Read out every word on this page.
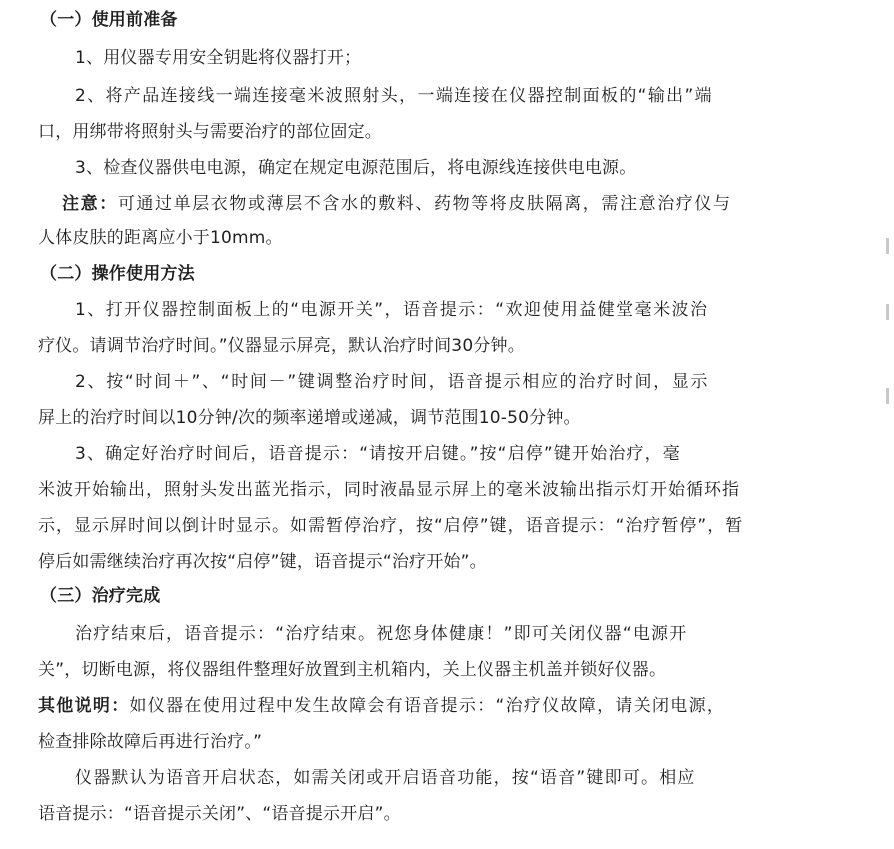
（一）使用前准备
1、用仪器专用安全钥匙将仪器打开；
2、将产品连接线一端连接毫米波照射头，一端连接在仪器控制面板的“输出”端
口，用绑带将照射头与需要治疗的部位固定。
3、检查仪器供电电源，确定在规定电源范围后，将电源线连接供电电源。
注意：可通过单层衣物或薄层不含水的敷料、药物等将皮肤隔离，需注意治疗仪与
人体皮肤的距离应小于10mm。
（二）操作使用方法
1、打开仪器控制面板上的“电源开关”，语音提示：“欢迎使用益健堂毫米波治
疗仪。请调节治疗时间。”仪器显示屏亮，默认治疗时间30分钟。
2、按“时间＋”、“时间－”键调整治疗时间，语音提示相应的治疗时间，显示
屏上的治疗时间以10分钟/次的频率递增或递减，调节范围10-50分钟。
3、确定好治疗时间后，语音提示：“请按开启键。”按“启停”键开始治疗，毫
米波开始输出，照射头发出蓝光指示，同时液晶显示屏上的毫米波输出指示灯开始循环指
示，显示屏时间以倒计时显示。如需暂停治疗，按“启停”键，语音提示：“治疗暂停”，暂
停后如需继续治疗再次按“启停”键，语音提示“治疗开始”。
（三）治疗完成
治疗结束后，语音提示：“治疗结束。祝您身体健康！”即可关闭仪器“电源开
关”，切断电源，将仪器组件整理好放置到主机箱内，关上仪器主机盖并锁好仪器。
其他说明：如仪器在使用过程中发生故障会有语音提示：“治疗仪故障，请关闭电源，
检查排除故障后再进行治疗。”
仪器默认为语音开启状态，如需关闭或开启语音功能，按“语音”键即可。相应
语音提示：“语音提示关闭”、“语音提示开启”。
